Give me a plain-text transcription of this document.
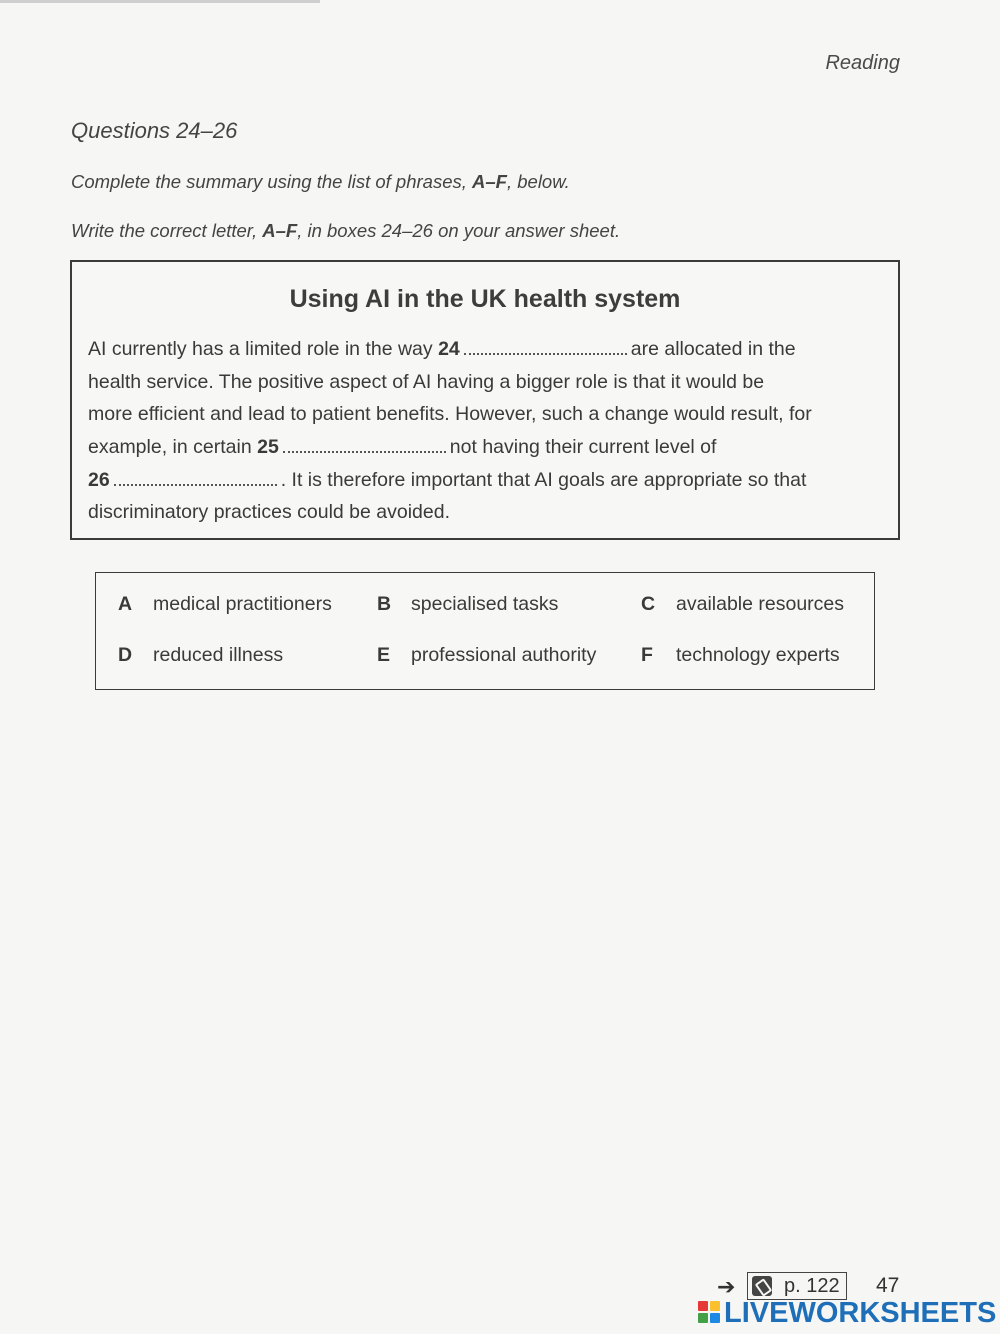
Reading
Questions 24–26
Complete the summary using the list of phrases, A–F, below.
Write the correct letter, A–F, in boxes 24–26 on your answer sheet.
Using AI in the UK health system
AI currently has a limited role in the way 24	are allocated in the
health service. The positive aspect of AI having a bigger role is that it would be
more efficient and lead to patient benefits. However, such a change would result, for
example, in certain 25	not having their current level of
26	. It is therefore important that AI goals are appropriate so that
discriminatory practices could be avoided.
A medical practitioners B specialised tasks	C available resources
D reduced illness	E professional authority F technology experts
➔ p. 122 47
LIVEWORKSHEETS
